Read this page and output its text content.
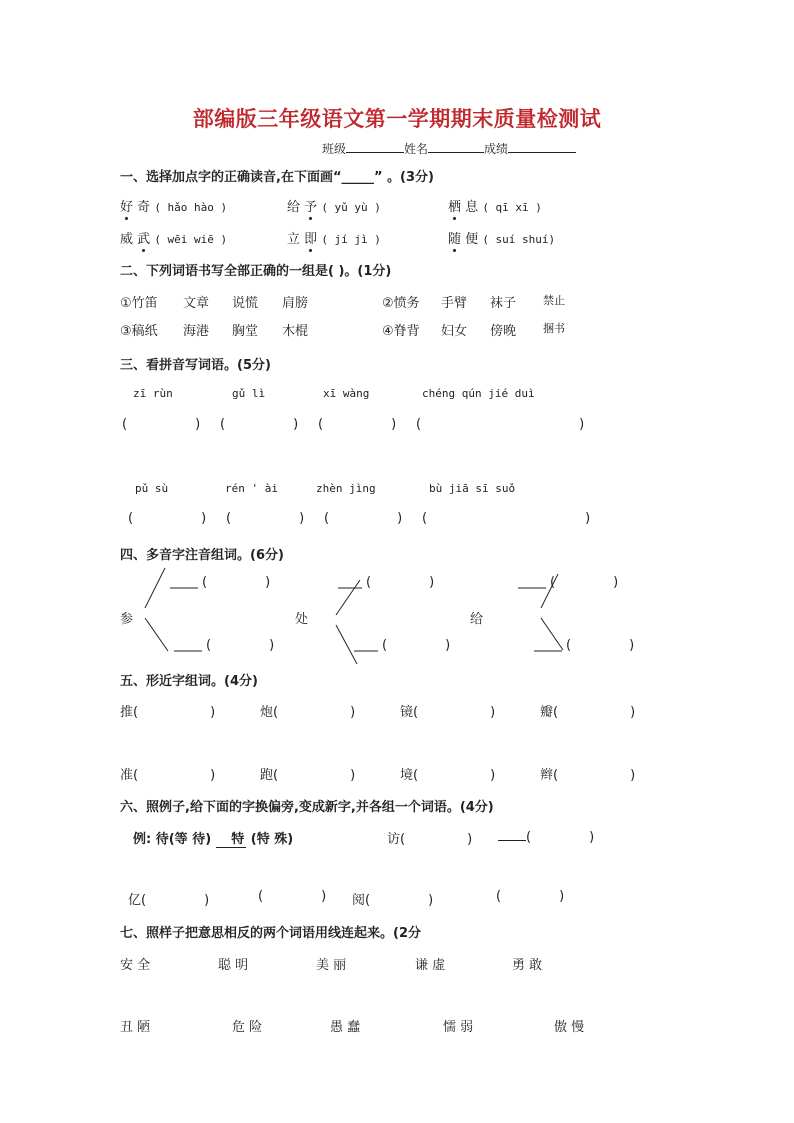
部编版三年级语文第一学期期末质量检测试
班级	姓名	成绩
一、选择加点字的正确读音,在下面画“_____” 。(3分)
好 奇 ( hǎo hào )	给 予 ( yǔ yù )	栖 息 ( qī xī )
威 武 ( wēi wiē )	立 即 ( jí jì )	随 便 ( suí shuí)
二、下列词语书写全部正确的一组是( )。(1分)
①竹笛 文章 说慌 肩膀	②愤务 手臂 袜子 禁止
③稿纸 海港 胸堂 木棍	④脊背 妇女 傍晚 捆书
三、看拼音写词语。(5分)
zī rùn	gǔ lì	xī wàng	chéng qún jié duì
(	) (	) (	) (	)
pǔ sù	rén ' ài	zhèn jìng	bù jiā sī suǒ
(	) (	) (	) (	)
四、多音字注音组词。(6分)
参	处	给
(	)
(	)
(	)
(	)
(	)
(	)
五、形近字组词。(4分)
推(	)	炮(	)	镜(	)	瓣(	)
准(	)	跑(	)	境(	)	辫(	)
六、照例子,给下面的字换偏旁,变成新字,并各组一个词语。(4分)
例: 待(等 待) 特 (特 殊)	访(	)	(	)
亿(	)	(	) 阅(	)	(	)
七、照样子把意思相反的两个词语用线连起来。(2分
安 全	聪 明	美 丽	谦 虚	勇 敢
丑 陋	危 险	愚 蠢	懦 弱	傲 慢
